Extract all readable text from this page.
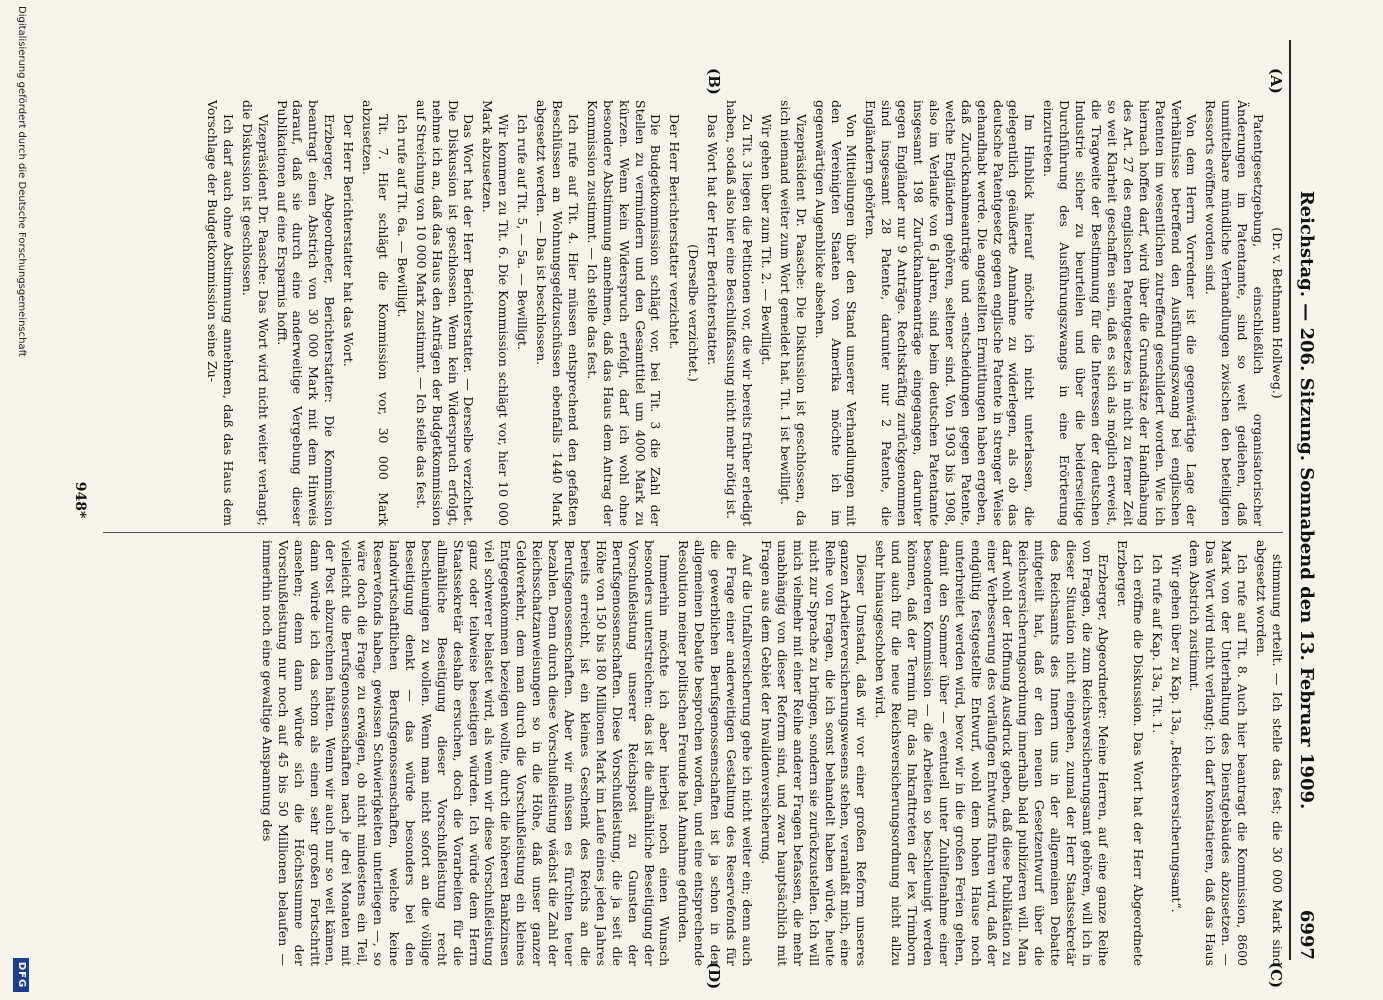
Reichstag. — 206. Sitzung. Sonnabend den 13. Februar 1909.
6997
(A)
(B)
(C)
(D)

(Dr. v. Bethmann Hollweg.)

Patentgesetzgebung, einschließlich organisatorischer Änderungen im Patentamte, sind so weit gediehen, daß unmittelbare mündliche Verhandlungen zwischen den beteiligten Ressorts eröffnet worden sind.

Von dem Herrn Vorredner ist die gegenwärtige Lage der Verhältnisse betreffend den Ausführungszwang bei englischen Patenten im wesentlichen zutreffend geschildert worden. Wie ich hiernach hoffen darf, wird über die Grundsätze der Handhabung des Art. 27 des englischen Patentgesetzes in nicht zu ferner Zeit so weit Klarheit geschaffen sein, daß es sich als möglich erweist, die Tragweite der Bestimmung für die Interessen der deutschen Industrie sicher zu beurteilen und über die beiderseitige Durchführung des Ausführungszwangs in eine Erörterung einzutreten.

Im Hinblick hierauf möchte ich nicht unterlassen, die gelegentlich geäußerte Annahme zu widerlegen, als ob das deutsche Patentgesetz gegen englische Patente in strenger Weise gehandhabt werde. Die angestellten Ermittlungen haben ergeben, daß Zurücknahmeanträge und -entscheidungen gegen Patente, welche Engländern gehören, seltener sind. Von 1903 bis 1908, also im Verlaufe von 6 Jahren, sind beim deutschen Patentamte insgesamt 198 Zurücknahmeanträge eingegangen, darunter gegen Engländer nur 9 Anträge. Rechtskräftig zurückgenommen sind insgesamt 28 Patente, darunter nur 2 Patente, die Engländern gehörten.

Von Mitteilungen über den Stand unserer Verhandlungen mit den Vereinigten Staaten von Amerika möchte ich im gegenwärtigen Augenblicke absehen.

Vizepräsident Dr. Paasche: Die Diskussion ist geschlossen, da sich niemand weiter zum Wort gemeldet hat. Tit. 1 ist bewilligt.

Wir gehen über zum Tit. 2. — Bewilligt.

Zu Tit. 3 liegen die Petitionen vor, die wir bereits früher erledigt haben, sodaß also hier eine Beschlußfassung nicht mehr nötig ist.

Das Wort hat der Herr Berichterstatter.

(Derselbe verzichtet.)

Der Herr Berichterstatter verzichtet.

Die Budgetkommission schlägt vor, bei Tit. 3 die Zahl der Stellen zu vermindern und den Gesamttitel um 4000 Mark zu kürzen. Wenn kein Widerspruch erfolgt, darf ich wohl ohne besondere Abstimmung annehmen, daß das Haus dem Antrag der Kommission zustimmt. — Ich stelle das fest.

Ich rufe auf Tit. 4. Hier müssen entsprechend den gefaßten Beschlüssen an Wohnungsgeldzuschüssen ebenfalls 1440 Mark abgesetzt werden. — Das ist beschlossen.

Ich rufe auf Tit. 5, — 5a. — Bewilligt.

Wir kommen zu Tit. 6. Die Kommission schlägt vor, hier 10 000 Mark abzusetzen.

Das Wort hat der Herr Berichterstatter. — Derselbe verzichtet. Die Diskussion ist geschlossen. Wenn kein Widerspruch erfolgt, nehme ich an, daß das Haus den Anträgen der Budgetkommission auf Streichung von 10 000 Mark zustimmt. — Ich stelle das fest.

Ich rufe auf Tit. 6a. — Bewilligt.

Tit. 7. Hier schlägt die Kommission vor, 30 000 Mark abzusetzen.

Der Herr Berichterstatter hat das Wort.

Erzberger, Abgeordneter, Berichterstatter: Die Kommission beantragt einen Abstrich von 30 000 Mark mit dem Hinweis darauf, daß sie durch eine anderweitige Vergebung dieser Publikationen auf eine Ersparnis hofft.

Vizepräsident Dr. Paasche: Das Wort wird nicht weiter verlangt; die Diskussion ist geschlossen.

Ich darf auch ohne Abstimmung annehmen, daß das Haus dem Vorschlage der Budgetkommission seine Zu-

stimmung erteilt. — Ich stelle das fest; die 30 000 Mark sind abgesetzt worden.

Ich rufe auf Tit. 8. Auch hier beantragt die Kommission, 8600 Mark von der Unterhaltung des Dienstgebäudes abzusetzen. — Das Wort wird nicht verlangt; ich darf konstatieren, daß das Haus dem Abstrich zustimmt.

Wir gehen über zu Kap. 13a, „Reichsversicherungsamt“.

Ich rufe auf Kap. 13a, Tit. 1.

Ich eröffne die Diskussion. Das Wort hat der Herr Abgeordnete Erzberger.

Erzberger, Abgeordneter: Meine Herren, auf eine ganze Reihe von Fragen, die zum Reichsversicherungsamt gehören, will ich in dieser Situation nicht eingehen, zumal der Herr Staatssekretär des Reichsamts des Innern uns in der allgemeinen Debatte mitgeteilt hat, daß er den neuen Gesetzentwurf über die Reichsversicherungsordnung innerhalb bald publizieren will. Man darf wohl der Hoffnung Ausdruck geben, daß diese Publikation zu einer Verbesserung des vorläufigen Entwurfs führen wird, daß der endgültig festgestellte Entwurf, wohl dem hohen Hause noch unterbreitet werden wird, bevor wir in die großen Ferien gehen, damit den Sommer über — eventuell unter Zuhilfenahme einer besonderen Kommission — die Arbeiten so beschleunigt werden können, daß der Termin für das Inkrafttreten der lex Trimborn und auch für die neue Reichsversicherungsordnung nicht allzu sehr hinausgeschoben wird.

Dieser Umstand, daß wir vor einer großen Reform unseres ganzen Arbeiterversicherungswesens stehen, veranlaßt mich, eine Reihe von Fragen, die ich sonst behandelt haben würde, heute nicht zur Sprache zu bringen, sondern sie zurückzustellen. Ich will mich vielmehr mit einer Reihe anderer Fragen befassen, die mehr unabhängig von dieser Reform sind, und zwar hauptsächlich mit Fragen aus dem Gebiet der Invalidenversicherung.

Auf die Unfallversicherung gehe ich nicht weiter ein; denn auch die Frage einer anderweitigen Gestaltung des Reservefonds für die gewerblichen Berufsgenossenschaften ist ja schon in der allgemeinen Debatte besprochen worden, und eine entsprechende Resolution meiner politischen Freunde hat Annahme gefunden.

Immerhin möchte ich aber hierbei noch einen Wunsch besonders unterstreichen: das ist die allmähliche Beseitigung der Vorschußleistung unserer Reichspost zu Gunsten der Berufsgenossenschaften. Diese Vorschußleistung, die ja seit die Höhe von 150 bis 180 Millionen Mark im Laufe eines jeden Jahres bereits erreicht, ist ein kleines Geschenk des Reichs an die Berufsgenossenschaften. Aber wir müssen es fürchten teuer bezahlen. Denn durch diese Vorschußleistung wächst die Zahl der Reichsschatzanweisungen so in die Höhe, daß unser ganzer Geldverkehr, dem man durch die Vorschußleistung ein kleines Entgegenkommen bezeigen wollte, durch die höheren Bankzinsen viel schwerer belastet wird, als wenn wir diese Vorschußleistung ganz oder teilweise beseitigen würden. Ich würde dem Herrn Staatssekretär deshalb ersuchen, doch die Vorarbeiten für die allmähliche Beseitigung dieser Vorschußleistung recht beschleunigen zu wollen. Wenn man nicht sofort an die völlige Beseitigung denkt — das würde besonders bei den landwirtschaftlichen Berufsgenossenschaften, welche keine Reservefonds haben, gewissen Schwierigkeiten unterliegen —, so wäre doch die Frage zu erwägen, ob nicht mindestens ein Teil, vielleicht die Berufsgenossenschaften nach je drei Monaten mit der Post abzurechnen hätten. Wenn wir auch nur so weit kämen, dann würde ich das schon als einen sehr großen Fortschritt ansehen; denn dann würde sich die Höchstsumme der Vorschußleistung nur noch auf 45 bis 50 Millionen belaufen — immerhin noch eine gewaltige Anspannung des

948*
Digitalisierung gefördert durch die Deutsche Forschungsgemeinschaft
DFG
